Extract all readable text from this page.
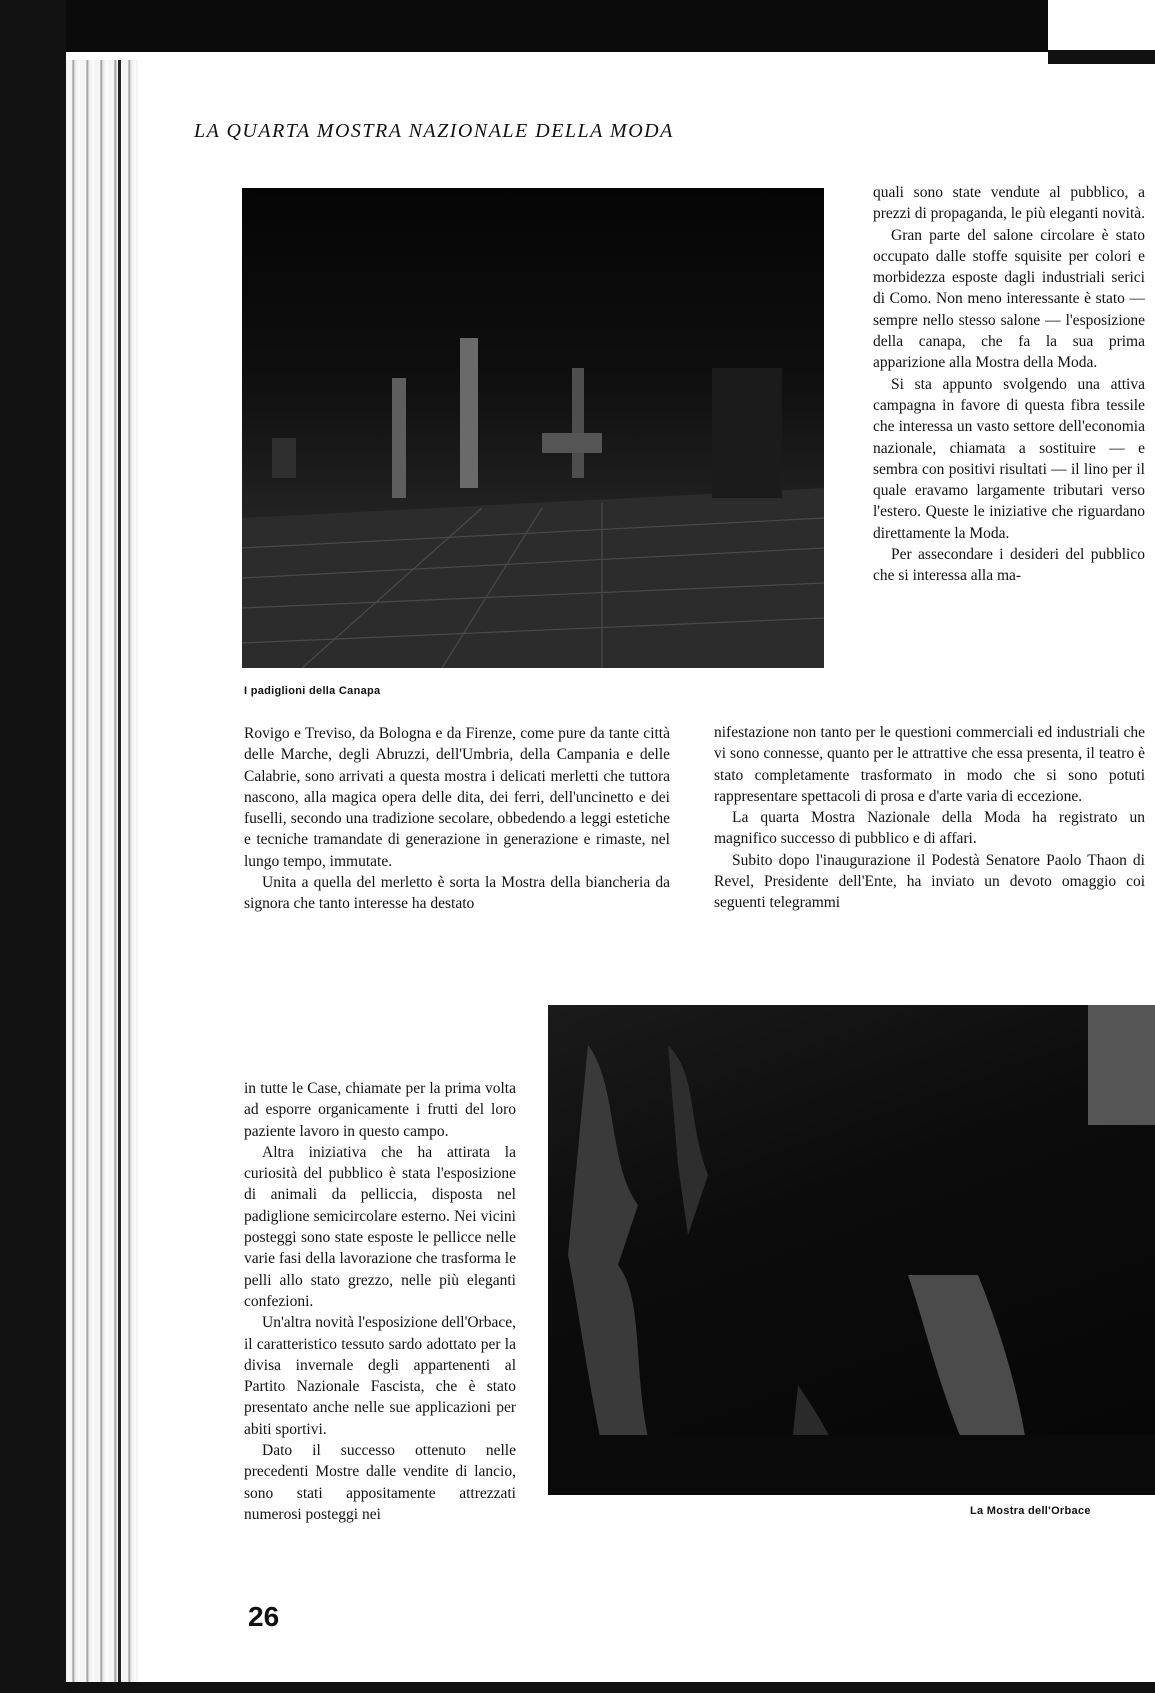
LA QUARTA MOSTRA NAZIONALE DELLA MODA
I padiglioni della Canapa
La Mostra dell'Orbace

Rovigo e Treviso, da Bologna e da Firenze, come pure da tante città delle Marche, degli Abruzzi, dell'Umbria, della Campania e delle Calabrie, sono arrivati a questa mostra i delicati merletti che tuttora nascono, alla magica opera delle dita, dei ferri, dell'uncinetto e dei fuselli, secondo una tradizione secolare, obbedendo a leggi estetiche e tecniche tramandate di generazione in generazione e rimaste, nel lungo tempo, immutate.

Unita a quella del merletto è sorta la Mostra della biancheria da signora che tanto interesse ha destato

in tutte le Case, chiamate per la prima volta ad esporre organicamente i frutti del loro paziente lavoro in questo campo.

Altra iniziativa che ha attirata la curiosità del pubblico è stata l'esposizione di animali da pelliccia, disposta nel padiglione semicircolare esterno. Nei vicini posteggi sono state esposte le pellicce nelle varie fasi della lavorazione che trasforma le pelli allo stato grezzo, nelle più eleganti confezioni.

Un'altra novità l'esposizione dell'Orbace, il caratteristico tessuto sardo adottato per la divisa invernale degli appartenenti al Partito Nazionale Fascista, che è stato presentato anche nelle sue applicazioni per abiti sportivi.

Dato il successo ottenuto nelle precedenti Mostre dalle vendite di lancio, sono stati appositamente attrezzati numerosi posteggi nei

quali sono state vendute al pubblico, a prezzi di propaganda, le più eleganti novità.

Gran parte del salone circolare è stato occupato dalle stoffe squisite per colori e morbidezza esposte dagli industriali serici di Como. Non meno interessante è stato — sempre nello stesso salone — l'esposizione della canapa, che fa la sua prima apparizione alla Mostra della Moda.

Si sta appunto svolgendo una attiva campagna in favore di questa fibra tessile che interessa un vasto settore dell'economia nazionale, chiamata a sostituire — e sembra con positivi risultati — il lino per il quale eravamo largamente tributari verso l'estero. Queste le iniziative che riguardano direttamente la Moda.

Per assecondare i desideri del pubblico che si interessa alla ma-

nifestazione non tanto per le questioni commerciali ed industriali che vi sono connesse, quanto per le attrattive che essa presenta, il teatro è stato completamente trasformato in modo che si sono potuti rappresentare spettacoli di prosa e d'arte varia di eccezione.

La quarta Mostra Nazionale della Moda ha registrato un magnifico successo di pubblico e di affari.

Subito dopo l'inaugurazione il Podestà Senatore Paolo Thaon di Revel, Presidente dell'Ente, ha inviato un devoto omaggio coi seguenti telegrammi

26
